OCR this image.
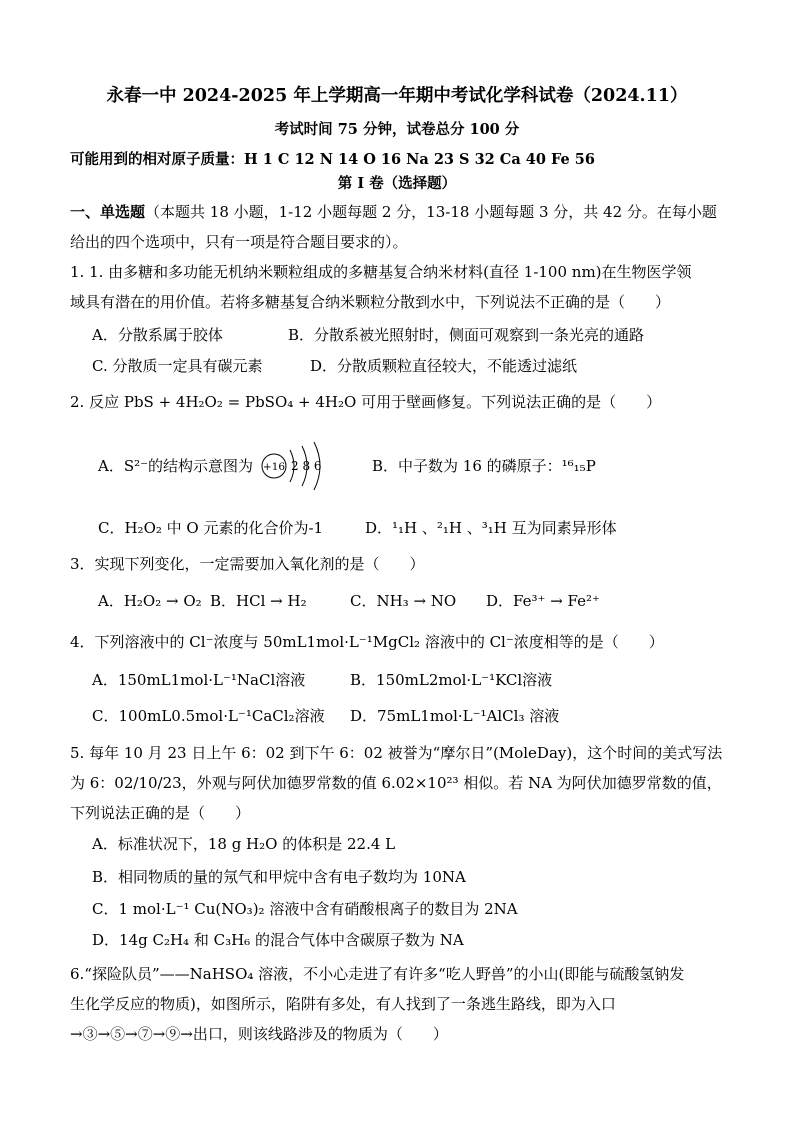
永春一中 2024-2025 年上学期高一年期中考试化学科试卷（2024.11）
考试时间 75 分钟，试卷总分 100 分
可能用到的相对原子质量：H 1 C 12 N 14 O 16 Na 23 S 32 Ca 40 Fe 56
第 I 卷（选择题）
一、单选题（本题共 18 小题，1-12 小题每题 2 分，13-18 小题每题 3 分，共 42 分。在每小题
给出的四个选项中，只有一项是符合题目要求的）。
1. 1. 由多糖和多功能无机纳米颗粒组成的多糖基复合纳米材料(直径 1-100 nm)在生物医学领
域具有潜在的用价值。若将多糖基复合纳米颗粒分散到水中，下列说法不正确的是（　　）
A．分散系属于胶体	B．分散系被光照射时，侧面可观察到一条光亮的通路
C. 分散质一定具有碳元素	D．分散质颗粒直径较大，不能透过滤纸
2. 反应 PbS + 4H₂O₂ = PbSO₄ + 4H₂O 可用于壁画修复。下列说法正确的是（　　）
A．S²⁻的结构示意图为 +16 2 8 6	B．中子数为 16 的磷原子：¹⁶₁₅P
C．H₂O₂ 中 O 元素的化合价为-1	D．¹₁H 、²₁H 、³₁H 互为同素异形体
3．实现下列变化，一定需要加入氧化剂的是（　　）
A．H₂O₂ → O₂ B．HCl → H₂	C．NH₃ → NO D．Fe³⁺ → Fe²⁺
4．下列溶液中的 Cl⁻浓度与 50mL1mol·L⁻¹MgCl₂ 溶液中的 Cl⁻浓度相等的是（　　）
A．150mL1mol·L⁻¹NaCl溶液	B．150mL2mol·L⁻¹KCl溶液
C．100mL0.5mol·L⁻¹CaCl₂溶液 D．75mL1mol·L⁻¹AlCl₃ 溶液
5. 每年 10 月 23 日上午 6：02 到下午 6：02 被誉为“摩尔日”(MoleDay)，这个时间的美式写法
为 6：02/10/23，外观与阿伏加德罗常数的值 6.02×10²³ 相似。若 NA 为阿伏加德罗常数的值，
下列说法正确的是（　　）
A．标准状况下，18 g H₂O 的体积是 22.4 L
B．相同物质的量的氖气和甲烷中含有电子数均为 10NA
C．1 mol·L⁻¹ Cu(NO₃)₂ 溶液中含有硝酸根离子的数目为 2NA
D．14g C₂H₄ 和 C₃H₆ 的混合气体中含碳原子数为 NA
6.“探险队员”——NaHSO₄ 溶液，不小心走进了有许多“吃人野兽”的小山(即能与硫酸氢钠发
生化学反应的物质)，如图所示，陷阱有多处，有人找到了一条逃生路线，即为入口
→③→⑤→⑦→⑨→出口，则该线路涉及的物质为（　　）
